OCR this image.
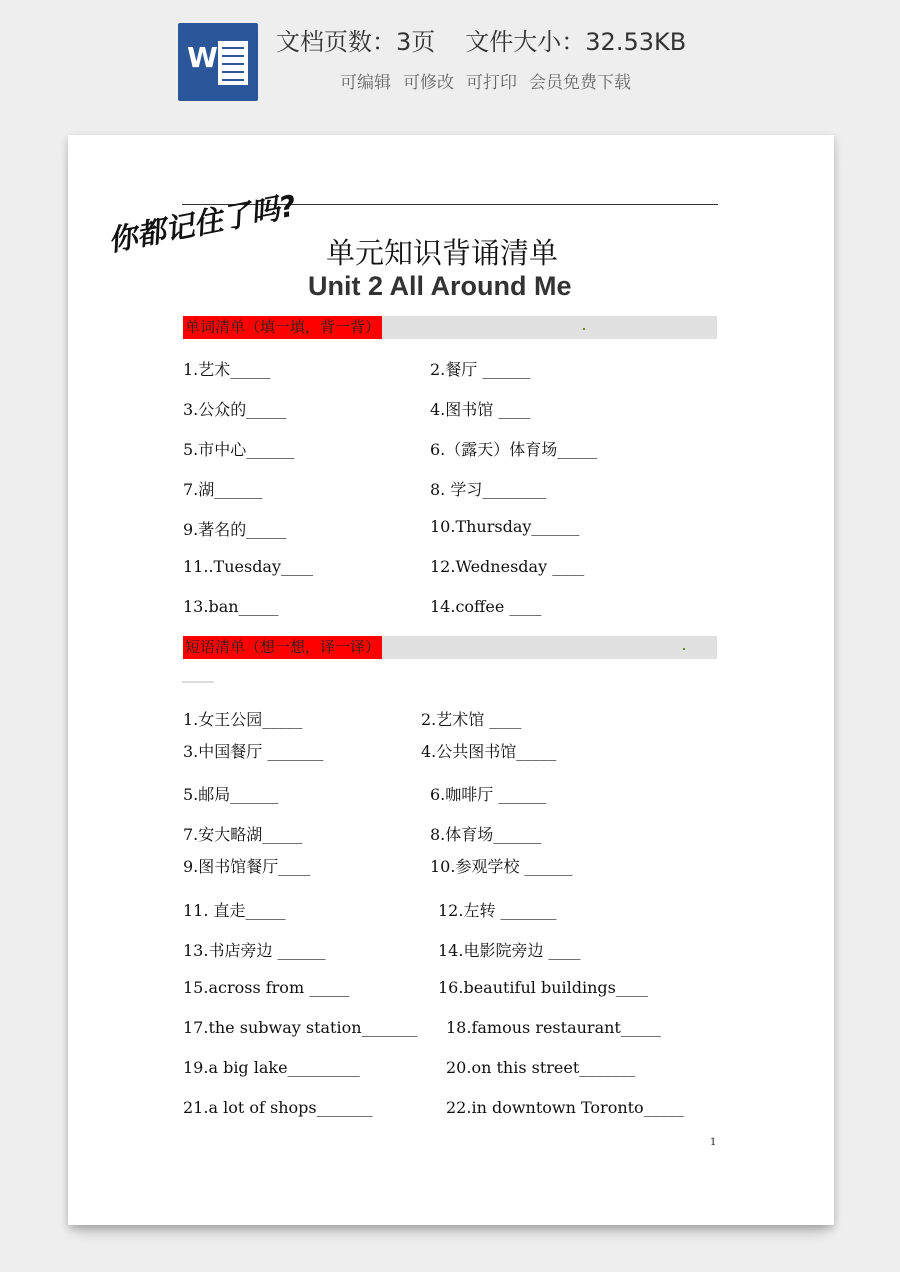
W 文档页数：3页 文件大小：32.53KB
可编辑 可修改 可打印 会员免费下载
你都记住了吗? 单元知识背诵清单
Unit 2 All Around Me
单词清单（填一填，背一背）
1.艺术_____	2.餐厅 ______
3.公众的_____	4.图书馆 ____
5.市中心______	6.（露天）体育场_____
7.湖______	8. 学习________
9.著名的_____	10.Thursday______
11..Tuesday____	12.Wednesday ____
13.ban_____	14.coffee ____
短语清单（想一想，译一译）
1.女王公园_____	2.艺术馆 ____
3.中国餐厅 _______	4.公共图书馆_____
5.邮局______	6.咖啡厅 ______
7.安大略湖_____	8.体育场______
9.图书馆餐厅____	10.参观学校 ______
11. 直走_____	12.左转 _______
13.书店旁边 ______	14.电影院旁边 ____
15.across from _____	16.beautiful buildings____
17.the subway station_______ 18.famous restaurant_____
19.a big lake_________	20.on this street_______
21.a lot of shops_______	22.in downtown Toronto_____
1
